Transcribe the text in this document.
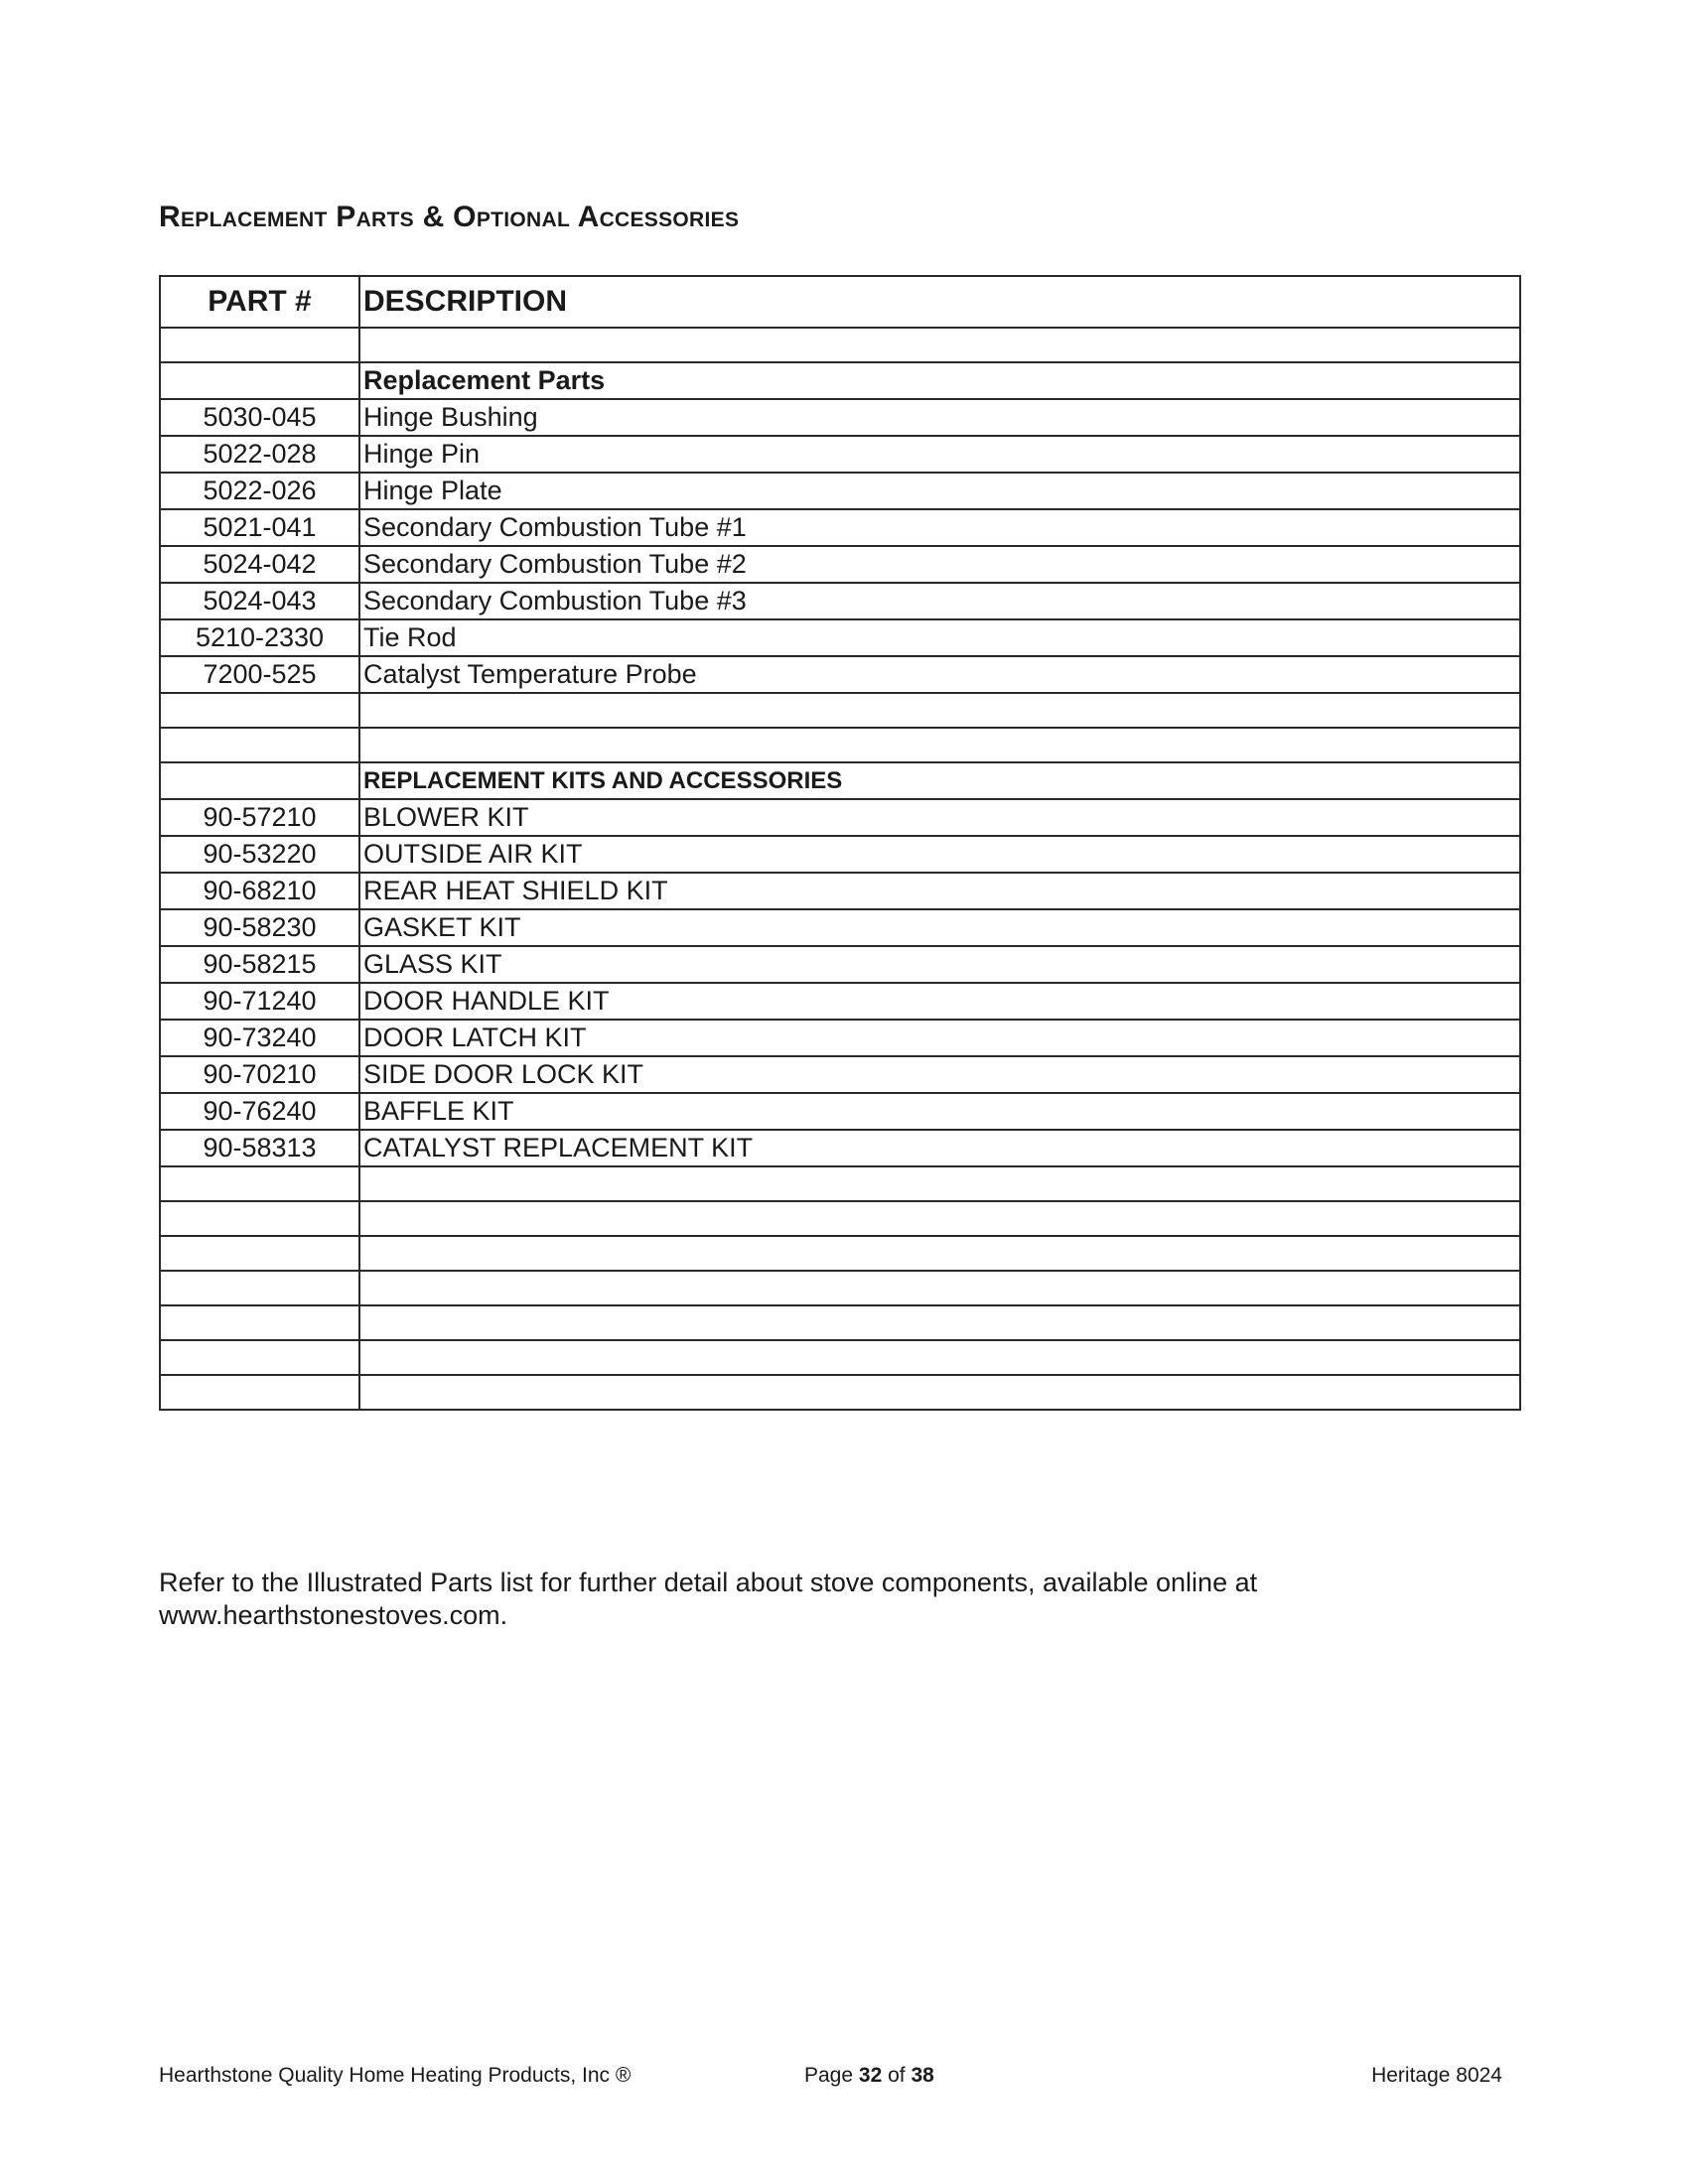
Replacement Parts & Optional Accessories
PART #	DESCRIPTION

	Replacement Parts
5030-045	Hinge Bushing
5022-028	Hinge Pin
5022-026	Hinge Plate
5021-041	Secondary Combustion Tube #1
5024-042	Secondary Combustion Tube #2
5024-043	Secondary Combustion Tube #3
5210-2330	Tie Rod
7200-525	Catalyst Temperature Probe

	REPLACEMENT KITS AND ACCESSORIES
90-57210	BLOWER KIT
90-53220	OUTSIDE AIR KIT
90-68210	REAR HEAT SHIELD KIT
90-58230	GASKET KIT
90-58215	GLASS KIT
90-71240	DOOR HANDLE KIT
90-73240	DOOR LATCH KIT
90-70210	SIDE DOOR LOCK KIT
90-76240	BAFFLE KIT
90-58313	CATALYST REPLACEMENT KIT

Refer to the Illustrated Parts list for further detail about stove components, available online at
www.hearthstonestoves.com.

Hearthstone Quality Home Heating Products, Inc ®	Page 32 of 38	Heritage 8024
